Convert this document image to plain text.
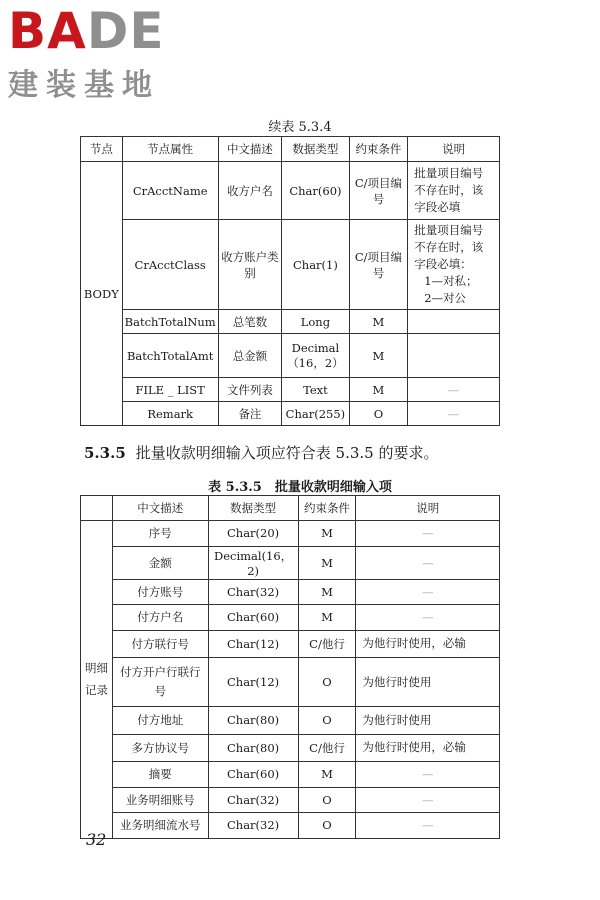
BADE
建装基地
续表 5.3.4
节点	节点属性	中文描述	数据类型	约束条件	说明
BODY	CrAcctName	收方户名	Char(60)	C/项目编号	批量项目编号不存在时，该字段必填
	CrAcctClass	收方账户类别	Char(1)	C/项目编号	批量项目编号不存在时，该字段必填：
1—对私；
2—对公

	BatchTotalNum	总笔数	Long	M	
	BatchTotalAmt	总金额	Decimal（16，2）	M	
	FILE _ LIST	文件列表	Text	M	—
	Remark	备注	Char(255)	O	—
5.3.5 批量收款明细输入项应符合表 5.3.5 的要求。
表 5.3.5　批量收款明细输入项
	中文描述	数据类型	约束条件	说明
明细记录	序号	Char(20)	M	—
	金额	Decimal(16，2)	M	—
	付方账号	Char(32)	M	—
	付方户名	Char(60)	M	—
	付方联行号	Char(12)	C/他行	为他行时使用，必输
	付方开户行联行号	Char(12)	O	为他行时使用
	付方地址	Char(80)	O	为他行时使用
	多方协议号	Char(80)	C/他行	为他行时使用，必输
	摘要	Char(60)	M	—
	业务明细账号	Char(32)	O	—
	业务明细流水号	Char(32)	O	—
32
